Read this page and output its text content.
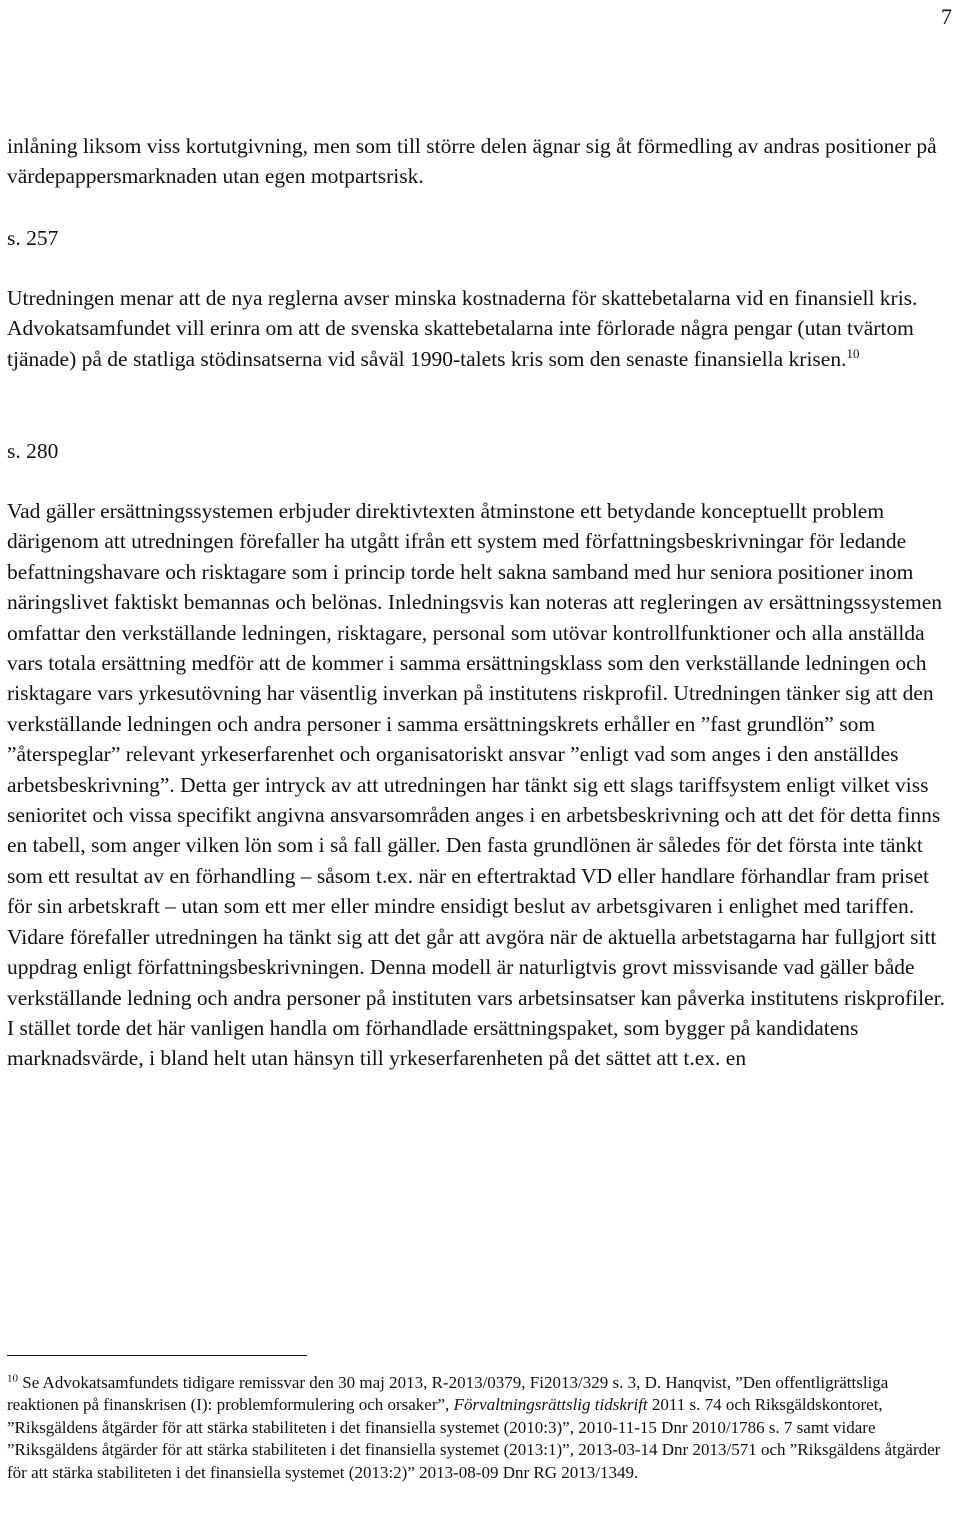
7

inlåning liksom viss kortutgivning, men som till större delen ägnar sig åt förmedling av andras positioner på värdepappersmarknaden utan egen motpartsrisk.

s. 257

Utredningen menar att de nya reglerna avser minska kostnaderna för skattebetalarna vid en finansiell kris. Advokatsamfundet vill erinra om att de svenska skattebetalarna inte förlorade några pengar (utan tvärtom tjänade) på de statliga stödinsatserna vid såväl 1990-talets kris som den senaste finansiella krisen.$^{10}$

s. 280

Vad gäller ersättningssystemen erbjuder direktivtexten åtminstone ett betydande konceptuellt problem därigenom att utredningen förefaller ha utgått ifrån ett system med författningsbeskrivningar för ledande befattningshavare och risktagare som i princip torde helt sakna samband med hur seniora positioner inom näringslivet faktiskt bemannas och belönas. Inledningsvis kan noteras att regleringen av ersättningssystemen omfattar den verkställande ledningen, risktagare, personal som utövar kontrollfunktioner och alla anställda vars totala ersättning medför att de kommer i samma ersättningsklass som den verkställande ledningen och risktagare vars yrkesutövning har väsentlig inverkan på institutens riskprofil. Utredningen tänker sig att den verkställande ledningen och andra personer i samma ersättningskrets erhåller en ”fast grundlön” som ”återspeglar” relevant yrkeserfarenhet och organisatoriskt ansvar ”enligt vad som anges i den anställdes arbetsbeskrivning”. Detta ger intryck av att utredningen har tänkt sig ett slags tariffsystem enligt vilket viss senioritet och vissa specifikt angivna ansvarsområden anges i en arbetsbeskrivning och att det för detta finns en tabell, som anger vilken lön som i så fall gäller. Den fasta grundlönen är således för det första inte tänkt som ett resultat av en förhandling – såsom t.ex. när en eftertraktad VD eller handlare förhandlar fram priset för sin arbetskraft – utan som ett mer eller mindre ensidigt beslut av arbetsgivaren i enlighet med tariffen. Vidare förefaller utredningen ha tänkt sig att det går att avgöra när de aktuella arbetstagarna har fullgjort sitt uppdrag enligt författningsbeskrivningen. Denna modell är naturligtvis grovt missvisande vad gäller både verkställande ledning och andra personer på instituten vars arbetsinsatser kan påverka institutens riskprofiler. I stället torde det här vanligen handla om förhandlade ersättningspaket, som bygger på kandidatens marknadsvärde, i bland helt utan hänsyn till yrkeserfarenheten på det sättet att t.ex. en

$^{10}$ Se Advokatsamfundets tidigare remissvar den 30 maj 2013, R-2013/0379, Fi2013/329 s. 3, D. Hanqvist, ”Den offentligrättsliga reaktionen på finanskrisen (I): problemformulering och orsaker”, Förvaltningsrättslig tidskrift 2011 s. 74 och Riksgäldskontoret, ”Riksgäldens åtgärder för att stärka stabiliteten i det finansiella systemet (2010:3)”, 2010-11-15 Dnr 2010/1786 s. 7 samt vidare ”Riksgäldens åtgärder för att stärka stabiliteten i det finansiella systemet (2013:1)”, 2013-03-14 Dnr 2013/571 och ”Riksgäldens åtgärder för att stärka stabiliteten i det finansiella systemet (2013:2)” 2013-08-09 Dnr RG 2013/1349.
